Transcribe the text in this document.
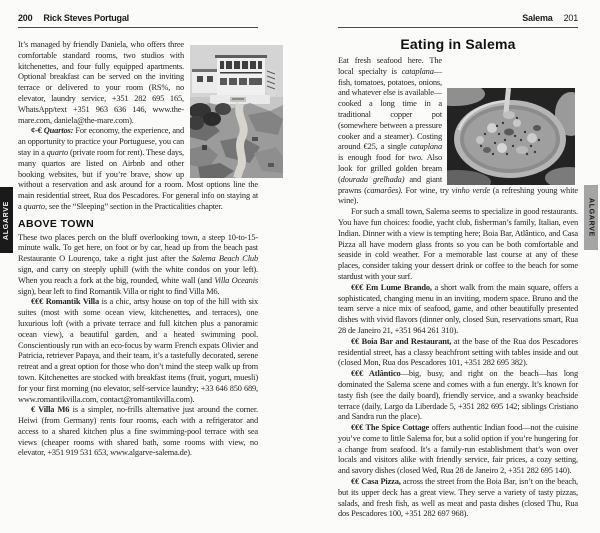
200 Rick Steves Portugal

It’s managed by friendly Daniela, who offers three comfortable standard rooms, two studios with kitchenettes, and four fully equipped apartments. Optional breakfast can be served on the inviting terrace or delivered to your room (RS%, no elevator, laundry service, +351 282 695 165, WhatsApp/text +351 963 636 146, www.the-mare.com, daniela@the-mare.com).

¢-€ Quartos: For economy, the experience, and an opportunity to practice your Portuguese, you can stay in a quarto (private room for rent). These days, many quartos are listed on Airbnb and other booking websites, but if you’re brave, show up without a reservation and ask around for a room. Most options line the main residential street, Rua dos Pescadores. For general info on staying at a quarto, see the “Sleeping” section in the Practicalities chapter.

ABOVE TOWN

These two places perch on the bluff overlooking town, a steep 10-to-15-minute walk. To get here, on foot or by car, head up from the beach past Restaurante O Lourenço, take a right just after the Salema Beach Club sign, and carry on steeply uphill (with the white condos on your left). When you reach a fork at the big, rounded, white wall (and Villa Oceanis sign), bear left to find Romantik Villa or right to find Villa M6.

€€€ Romantik Villa is a chic, artsy house on top of the hill with six suites (most with some ocean view, kitchenettes, and terraces), one luxurious loft (with a private terrace and full kitchen plus a panoramic ocean view), a beautiful garden, and a heated swimming pool. Conscientiously run with an eco-focus by warm French expats Olivier and Patricia, retriever Papaya, and their team, it’s a tastefully decorated, serene retreat and a great option for those who don’t mind the steep walk up from town. Kitchenettes are stocked with breakfast items (fruit, yogurt, muesli) for your first morning (no elevator, self-service laundry; +33 646 850 689, www.romantikvilla.com, contact@romantikvilla.com).

€ Villa M6 is a simpler, no-frills alternative just around the corner. Heiwi (from Germany) rents four rooms, each with a refrigerator and access to a shared kitchen plus a fine swimming-pool terrace with sea views (cheaper rooms with shared bath, some rooms with view, no elevator, +351 919 531 653, www.algarve-salema.de).

ALGARVE
Salema 201
Eating in Salema

Eat fresh seafood here. The local specialty is cataplana—fish, tomatoes, potatoes, onions, and whatever else is available—cooked a long time in a traditional copper pot (somewhere between a pressure cooker and a steamer). Costing around €25, a single cataplana is enough food for two. Also look for grilled golden bream (dourada grelhada) and giant prawns (camarões). For wine, try vinho verde (a refreshing young white wine).

For such a small town, Salema seems to specialize in good restaurants. You have fun choices: foodie, yacht club, fisherman’s family, Italian, even Indian. Dinner with a view is tempting here; Boia Bar, Atlântico, and Casa Pizza all have modern glass fronts so you can be both comfortable and seaside in cold weather. For a memorable last course at any of these places, consider taking your dessert drink or coffee to the beach for some stardust with your surf.

€€€ Em Lume Brando, a short walk from the main square, offers a sophisticated, changing menu in an inviting, modern space. Bruno and the team serve a nice mix of seafood, game, and other beautifully presented dishes with vivid flavors (dinner only, closed Sun, reservations smart, Rua 28 de Janeiro 21, +351 964 261 310).

€€ Boia Bar and Restaurant, at the base of the Rua dos Pescadores residential street, has a classy beachfront setting with tables inside and out (closed Mon, Rua dos Pescadores 101, +351 282 695 382).

€€€ Atlântico—big, busy, and right on the beach—has long dominated the Salema scene and comes with a fun energy. It’s known for tasty fish (see the daily board), friendly service, and a swanky beachside terrace (daily, Largo da Liberdade 5, +351 282 695 142; siblings Cristiano and Sandra run the place).

€€€ The Spice Cottage offers authentic Indian food—not the cuisine you’ve come to little Salema for, but a solid option if you’re hungering for a change from seafood. It’s a family-run establishment that’s won over locals and visitors alike with friendly service, fair prices, a cozy setting, and savory dishes (closed Wed, Rua 28 de Janeiro 2, +351 282 695 140).

€€ Casa Pizza, across the street from the Boia Bar, isn’t on the beach, but its upper deck has a great view. They serve a variety of tasty pizzas, salads, and fresh fish, as well as meat and pasta dishes (closed Thu, Rua dos Pescadores 100, +351 282 697 968).

ALGARVE
